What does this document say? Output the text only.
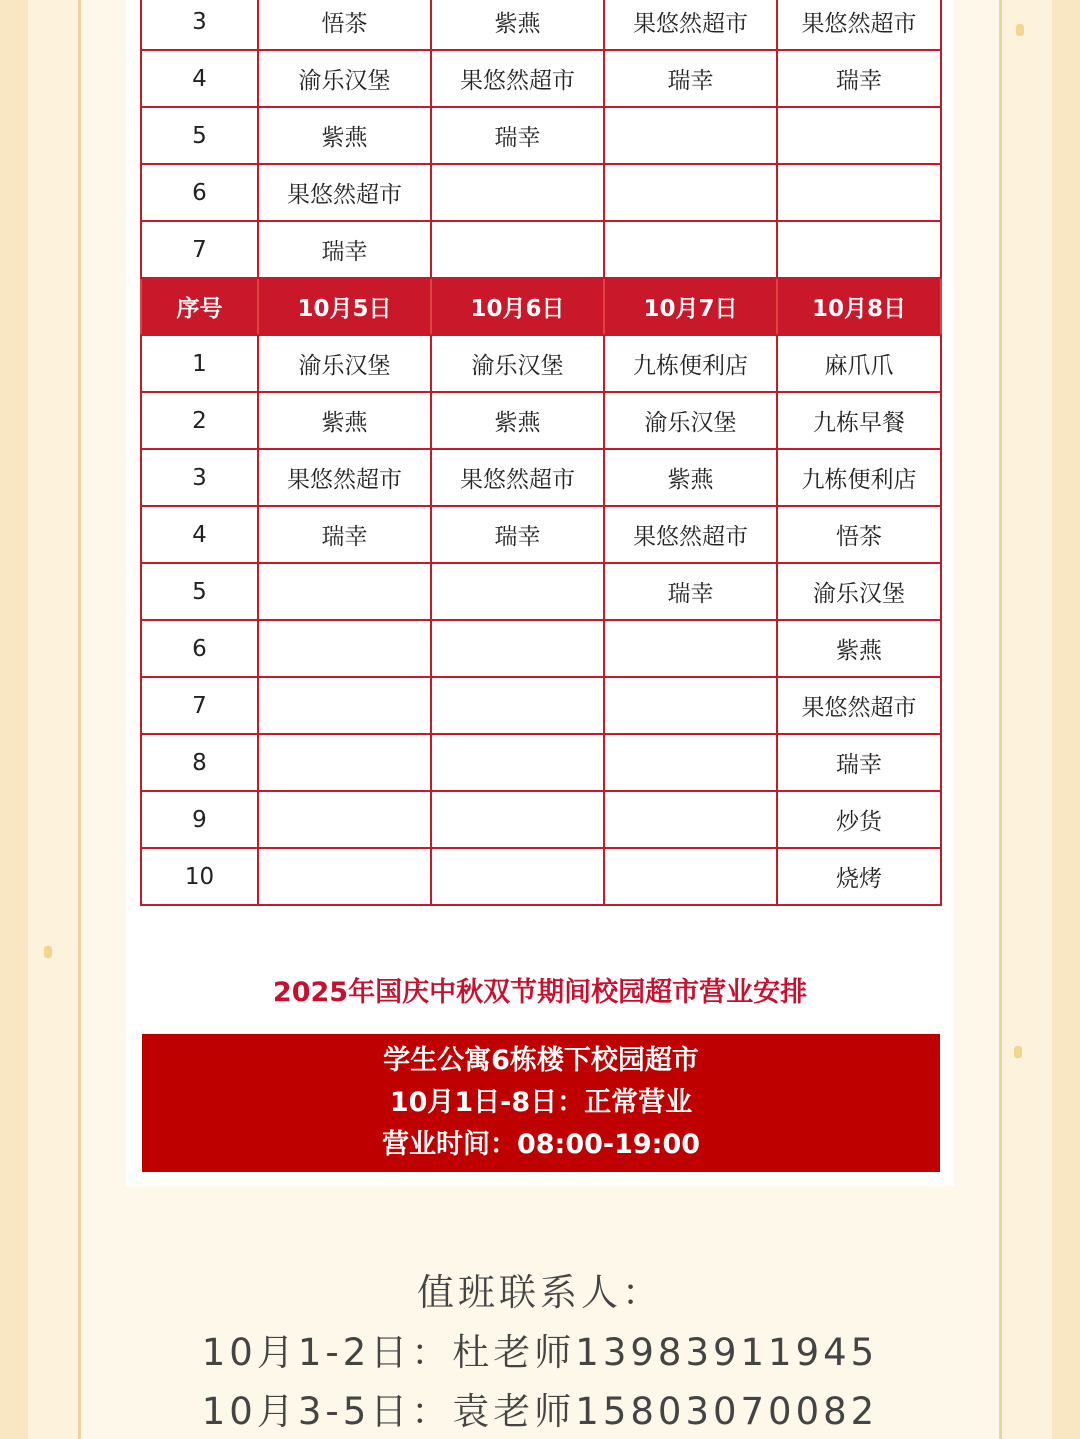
3	悟茶	紫燕	果悠然超市	果悠然超市
4	渝乐汉堡	果悠然超市	瑞幸	瑞幸
5	紫燕	瑞幸		
6	果悠然超市			
7	瑞幸			
序号	10月5日	10月6日	10月7日	10月8日
1	渝乐汉堡	渝乐汉堡	九栋便利店	麻爪爪
2	紫燕	紫燕	渝乐汉堡	九栋早餐
3	果悠然超市	果悠然超市	紫燕	九栋便利店
4	瑞幸	瑞幸	果悠然超市	悟茶
5			瑞幸	渝乐汉堡
6				紫燕
7				果悠然超市
8				瑞幸
9				炒货
10				烧烤
2025年国庆中秋双节期间校园超市营业安排
学生公寓6栋楼下校园超市
10月1日-8日：正常营业
营业时间：08:00-19:00
值班联系人：
10月1-2日：杜老师13983911945
10月3-5日：袁老师15803070082
